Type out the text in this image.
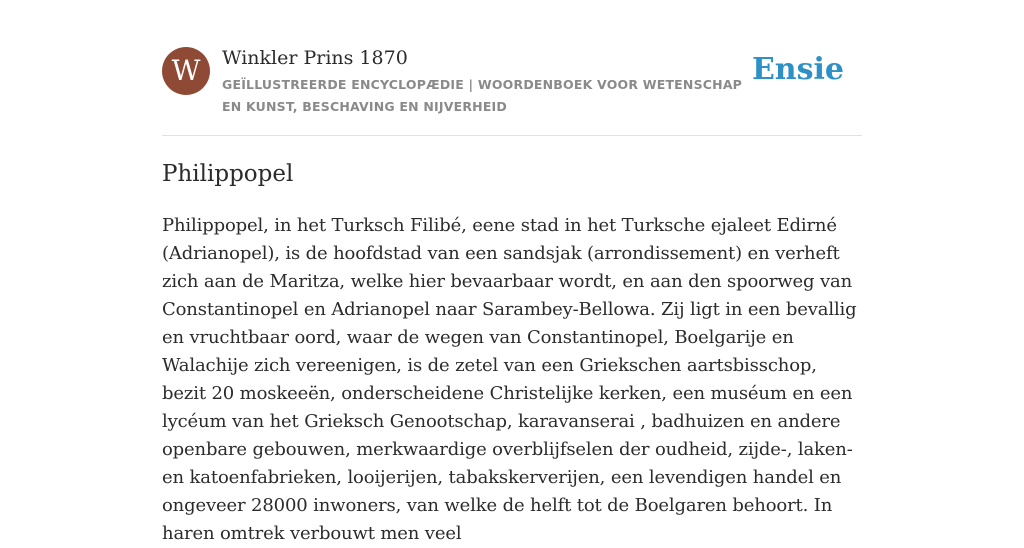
W	Winkler Prins 1870
GEÏLLUSTREERDE ENCYCLOPÆDIE | WOORDENBOEK VOOR WETENSCHAP EN KUNST, BESCHAVING EN NIJVERHEID
Ensie
Philippopel

Philippopel, in het Turksch Filibé, eene stad in het Turksche ejaleet Edirné (Adrianopel), is de hoofdstad van een sandsjak (arrondissement) en verheft zich aan de Maritza, welke hier bevaarbaar wordt, en aan den spoorweg van Constantinopel en Adrianopel naar Sarambey-Bellowa. Zij ligt in een bevallig en vruchtbaar oord, waar de wegen van Constantinopel, Boelgarije en Walachije zich vereenigen, is de zetel van een Griekschen aartsbisschop, bezit 20 moskeeën, onderscheidene Christelijke kerken, een muséum en een lycéum van het Grieksch Genootschap, karavanserai , badhuizen en andere openbare gebouwen, merkwaardige overblijfselen der oudheid, zijde-, laken- en katoenfabrieken, looijerijen, tabakskerverijen, een levendigen handel en ongeveer 28000 inwoners, van welke de helft tot de Boelgaren behoort. In haren omtrek verbouwt men veel
